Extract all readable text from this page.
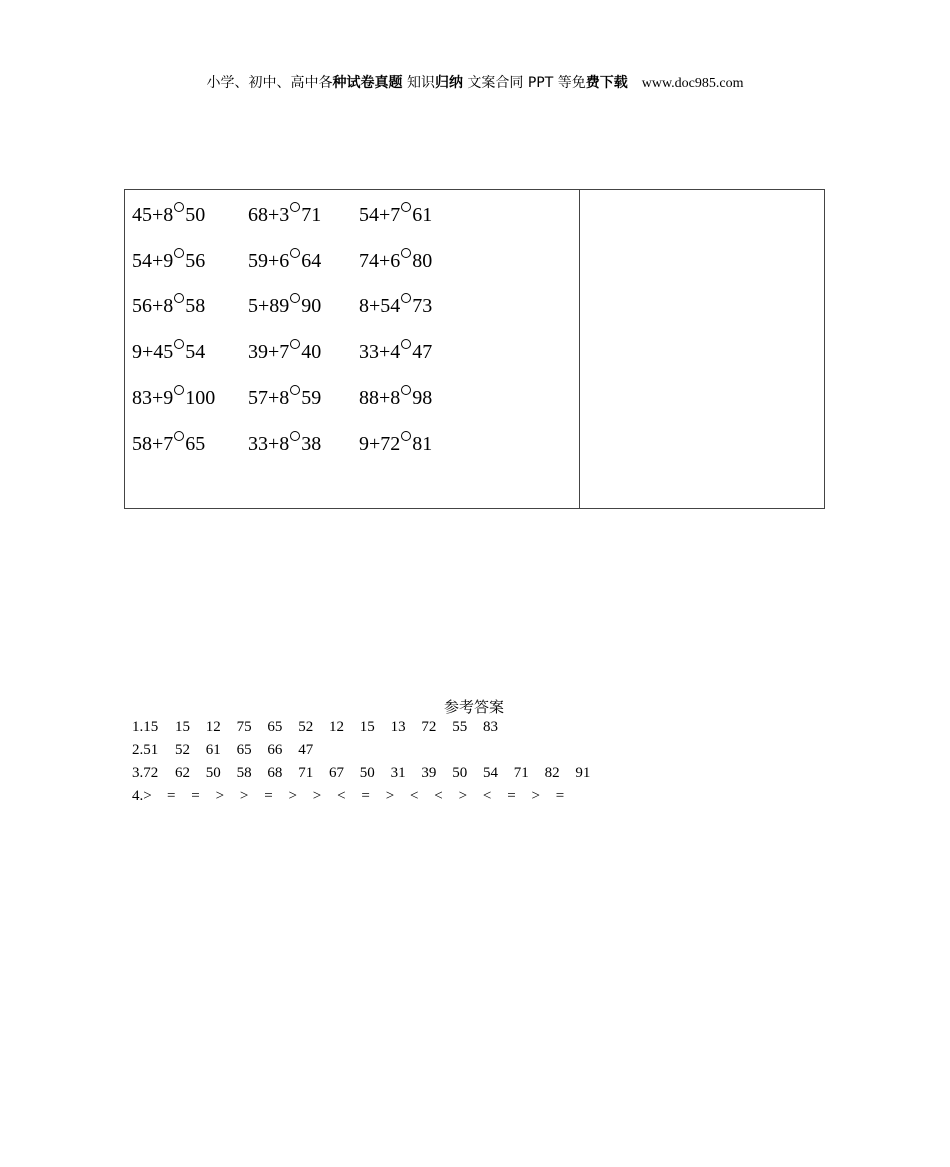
小学、初中、高中各种试卷真题 知识归纳 文案合同 PPT 等免费下载 www.doc985.com
45+8 50 68+3 71 54+7 61
54+9 56 59+6 64 74+6 80
56+8 58 5+89 90 8+54 73
9+45 54 39+7 40 33+4 47
83+9 100 57+8 59 88+8 98
58+7 65 33+8 38 9+72 81
参考答案
1.15 15 12 75 65 52 12 15 13 72 55 83
2.51 52 61 65 66 47
3.72 62 50 58 68 71 67 50 31 39 50 54 71 82 91
4.> = = > > = > > < = > < < > < = > =
